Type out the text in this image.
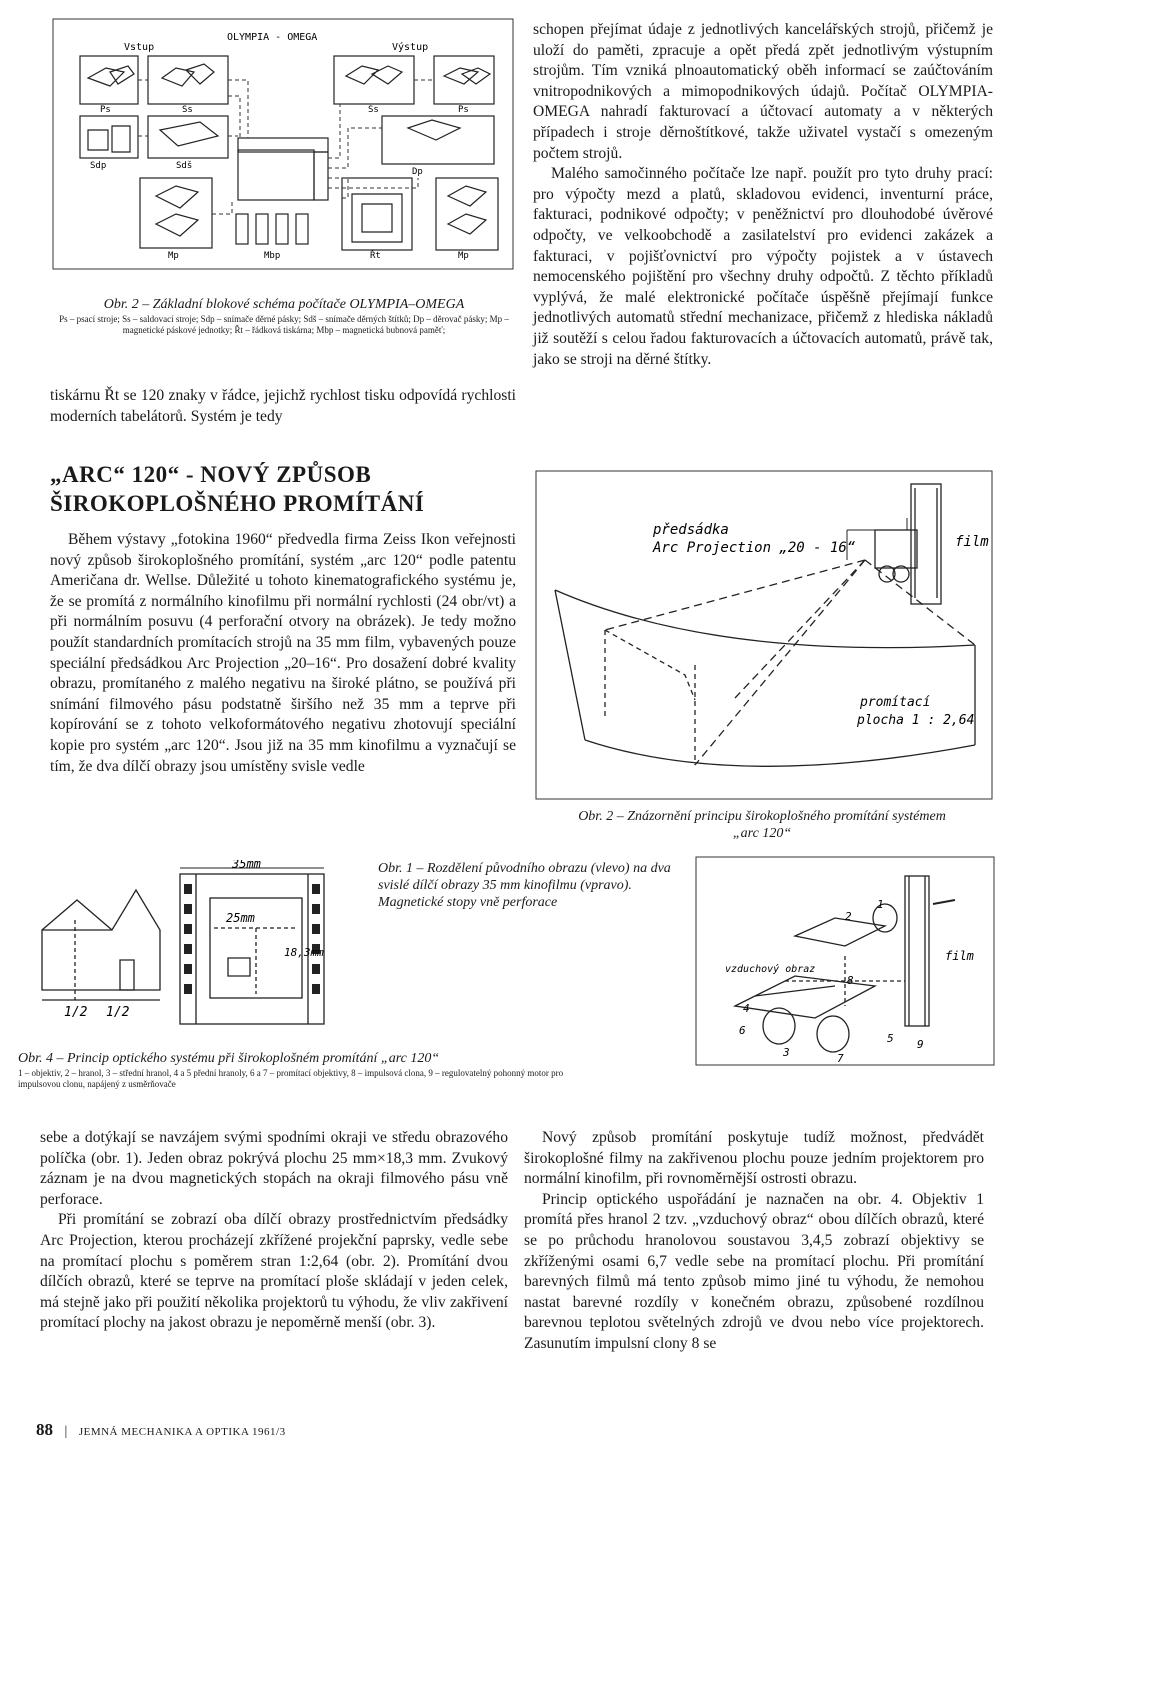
OLYMPIA - OMEGA
Vstup	Výstup
Ps	Ss
Sdp	Sdš
Mp	Mbp
Ss	Ps
Dp
Řt	Mp
Obr. 2 – Základní blokové schéma počítače OLYMPIA–OMEGA
Ps – psací stroje; Ss – saldovací stroje; Sdp – snímače děrné pásky; Sdš – snímače děrných štítků; Dp – děrovač pásky; Mp – magnetické páskové jednotky; Řt – řádková tiskárna; Mbp – magnetická bubnová paměť;

tiskárnu Řt se 120 znaky v řádce, jejichž rychlost tisku odpovídá rychlosti moderních tabelátorů. Systém je tedy

schopen přejímat údaje z jednotlivých kancelářských strojů, přičemž je uloží do paměti, zpracuje a opět předá zpět jednotlivým výstupním strojům. Tím vzniká plnoautomatický oběh informací se zaúčtováním vnitropodnikových a mimopodnikových údajů. Počítač OLYMPIA-OMEGA nahradí fakturovací a účtovací automaty a v některých případech i stroje děrnoštítkové, takže uživatel vystačí s omezeným počtem strojů.

Malého samočinného počítače lze např. použít pro tyto druhy prací: pro výpočty mezd a platů, skladovou evidenci, inventurní práce, fakturaci, podnikové odpočty; v peněžnictví pro dlouhodobé úvěrové odpočty, ve velkoobchodě a zasilatelství pro evidenci zakázek a fakturaci, v pojišťovnictví pro výpočty pojistek a v ústavech nemocenského pojištění pro všechny druhy odpočtů. Z těchto příkladů vyplývá, že malé elektronické počítače úspěšně přejímají funkce jednotlivých automatů střední mechanizace, přičemž z hlediska nákladů již soutěží s celou řadou fakturovacích a účtovacích automatů, právě tak, jako se stroji na děrné štítky.

„ARC“ 120“ - NOVÝ ZPŮSOB
ŠIROKOPLOŠNÉHO PROMÍTÁNÍ

Během výstavy „fotokina 1960“ předvedla firma Zeiss Ikon veřejnosti nový způsob širokoplošného promítání, systém „arc 120“ podle patentu Američana dr. Wellse. Důležité u tohoto kinematografického systému je, že se promítá z normálního kinofilmu při normální rychlosti (24 obr/vt) a při normálním posuvu (4 perforační otvory na obrázek). Je tedy možno použít standardních promítacích strojů na 35 mm film, vybavených pouze speciální předsádkou Arc Projection „20–16“. Pro dosažení dobré kvality obrazu, promítaného z malého negativu na široké plátno, se používá při snímání filmového pásu podstatně širšího než 35 mm a teprve při kopírování se z tohoto velkoformátového negativu zhotovují speciální kopie pro systém „arc 120“. Jsou již na 35 mm kinofilmu a vyznačují se tím, že dva dílčí obrazy jsou umístěny svisle vedle

předsádka
Arc Projection „20 - 16“	film
promítací
plocha 1 : 2,64
Obr. 2 – Znázornění principu širokoplošného promítání systémem
„arc 120“
35mm
25mm
18,3mm
1/2 1/2
Obr. 1 – Rozdělení původního obrazu (vlevo) na dva svislé dílčí obrazy 35 mm kinofilmu (vpravo). Magnetické stopy vně perforace
vzduchový obraz
film
1
2
3
4
5
6
7
8
9
Obr. 4 – Princip optického systému při širokoplošném promítání „arc 120“
1 – objektiv, 2 – hranol, 3 – střední hranol, 4 a 5 přední hranoly, 6 a 7 – promítací objektivy, 8 – impulsová clona, 9 – regulovatelný pohonný motor pro impulsovou clonu, napájený z usměrňovače

sebe a dotýkají se navzájem svými spodními okraji ve středu obrazového políčka (obr. 1). Jeden obraz pokrývá plochu 25 mm×18,3 mm. Zvukový záznam je na dvou magnetických stopách na okraji filmového pásu vně perforace.

Při promítání se zobrazí oba dílčí obrazy prostřednictvím předsádky Arc Projection, kterou procházejí zkřížené projekční paprsky, vedle sebe na promítací plochu s poměrem stran 1:2,64 (obr. 2). Promítání dvou dílčích obrazů, které se teprve na promítací ploše skládají v jeden celek, má stejně jako při použití několika projektorů tu výhodu, že vliv zakřivení promítací plochy na jakost obrazu je nepoměrně menší (obr. 3).

Nový způsob promítání poskytuje tudíž možnost, předvádět širokoplošné filmy na zakřivenou plochu pouze jedním projektorem pro normální kinofilm, při rovnoměrnější ostrosti obrazu.

Princip optického uspořádání je naznačen na obr. 4. Objektiv 1 promítá přes hranol 2 tzv. „vzduchový obraz“ obou dílčích obrazů, které se po průchodu hranolovou soustavou 3,4,5 zobrazí objektivy se zkříženými osami 6,7 vedle sebe na promítací plochu. Při promítání barevných filmů má tento způsob mimo jiné tu výhodu, že nemohou nastat barevné rozdíly v konečném obrazu, způsobené rozdílnou barevnou teplotou světelných zdrojů ve dvou nebo více projektorech. Zasunutím impulsní clony 8 se

88 | JEMNÁ MECHANIKA A OPTIKA 1961/3
